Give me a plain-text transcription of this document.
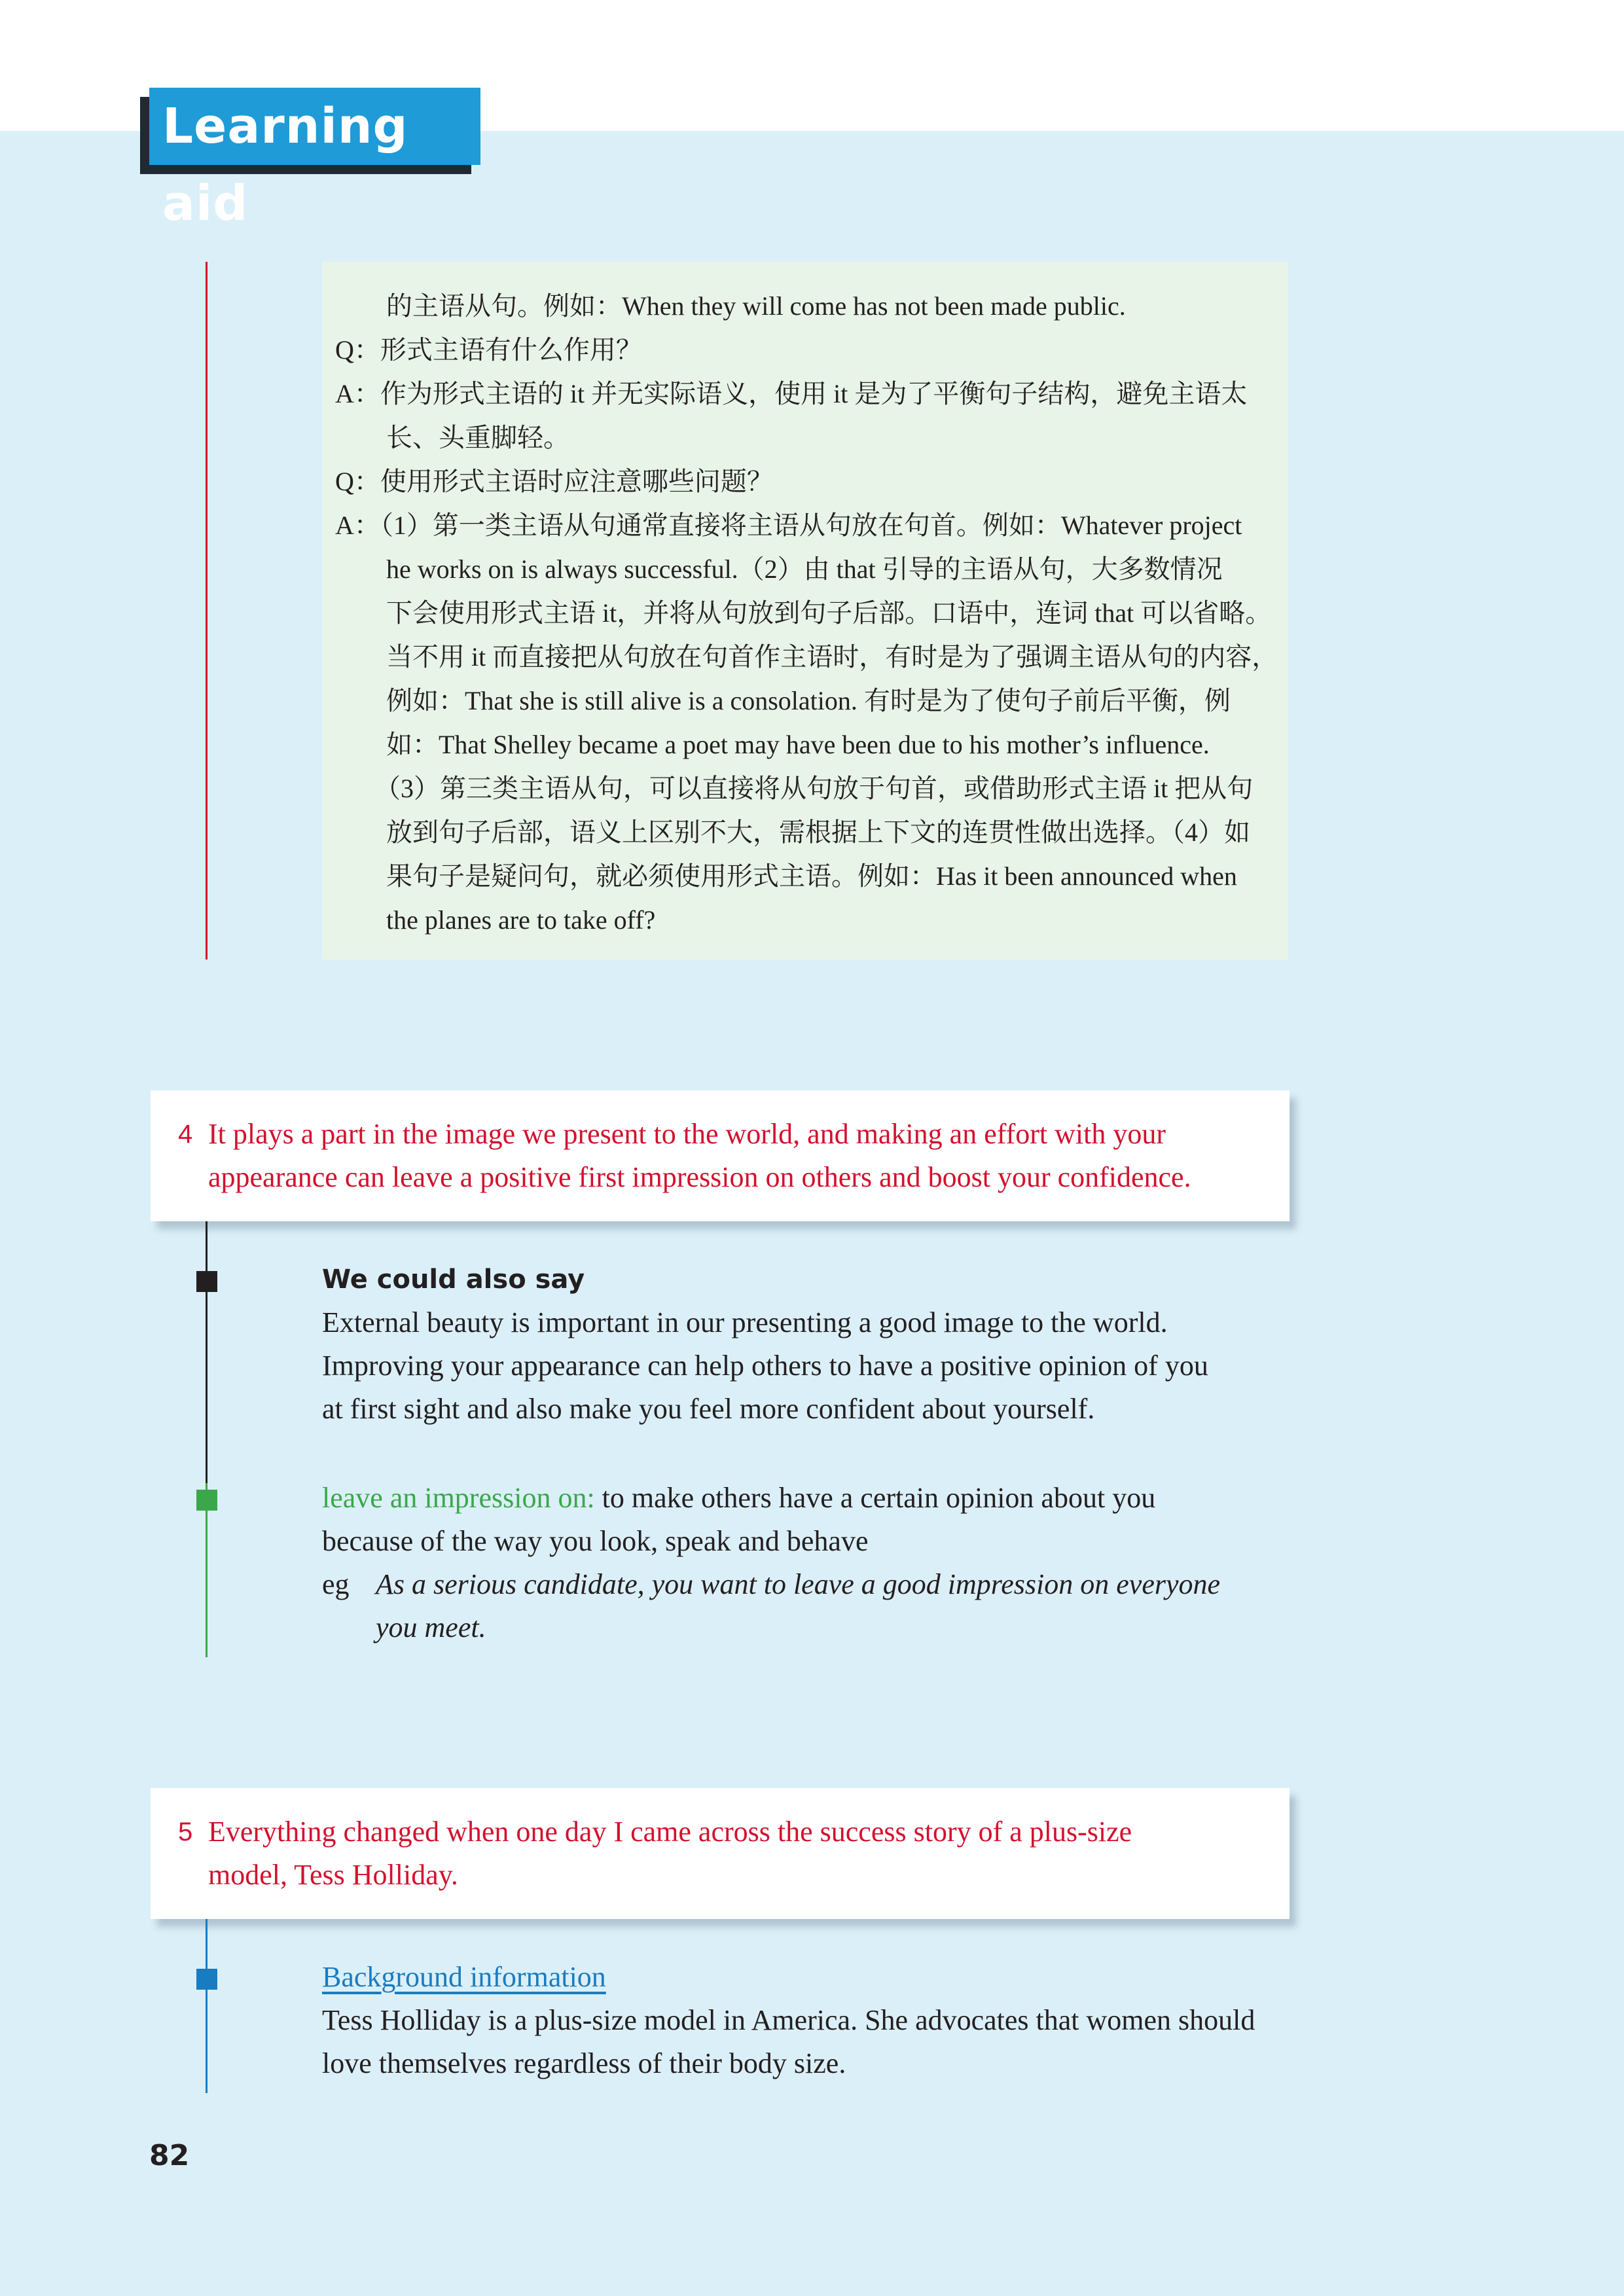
Learning aid
的主语从句。例如：When they will come has not been made public.
Q：形式主语有什么作用？
A：作为形式主语的 it 并无实际语义，使用 it 是为了平衡句子结构，避免主语太
长、头重脚轻。
Q：使用形式主语时应注意哪些问题？
A：（1）第一类主语从句通常直接将主语从句放在句首。例如：Whatever project
he works on is always successful.（2）由 that 引导的主语从句，大多数情况
下会使用形式主语 it，并将从句放到句子后部。口语中，连词 that 可以省略。
当不用 it 而直接把从句放在句首作主语时，有时是为了强调主语从句的内容，
例如：That she is still alive is a consolation. 有时是为了使句子前后平衡，例
如：That Shelley became a poet may have been due to his mother’s influence.
（3）第三类主语从句，可以直接将从句放于句首，或借助形式主语 it 把从句
放到句子后部，语义上区别不大，需根据上下文的连贯性做出选择。（4）如
果句子是疑问句，就必须使用形式主语。例如：Has it been announced when
the planes are to take off?
4 It plays a part in the image we present to the world, and making an effort with your
appearance can leave a positive first impression on others and boost your confidence.
We could also say
External beauty is important in our presenting a good image to the world.
Improving your appearance can help others to have a positive opinion of you
at first sight and also make you feel more confident about yourself.
leave an impression on: to make others have a certain opinion about you
because of the way you look, speak and behave
eg As a serious candidate, you want to leave a good impression on everyone
you meet.
5 Everything changed when one day I came across the success story of a plus-size
model, Tess Holliday.
Background information
Tess Holliday is a plus-size model in America. She advocates that women should
love themselves regardless of their body size.
82
